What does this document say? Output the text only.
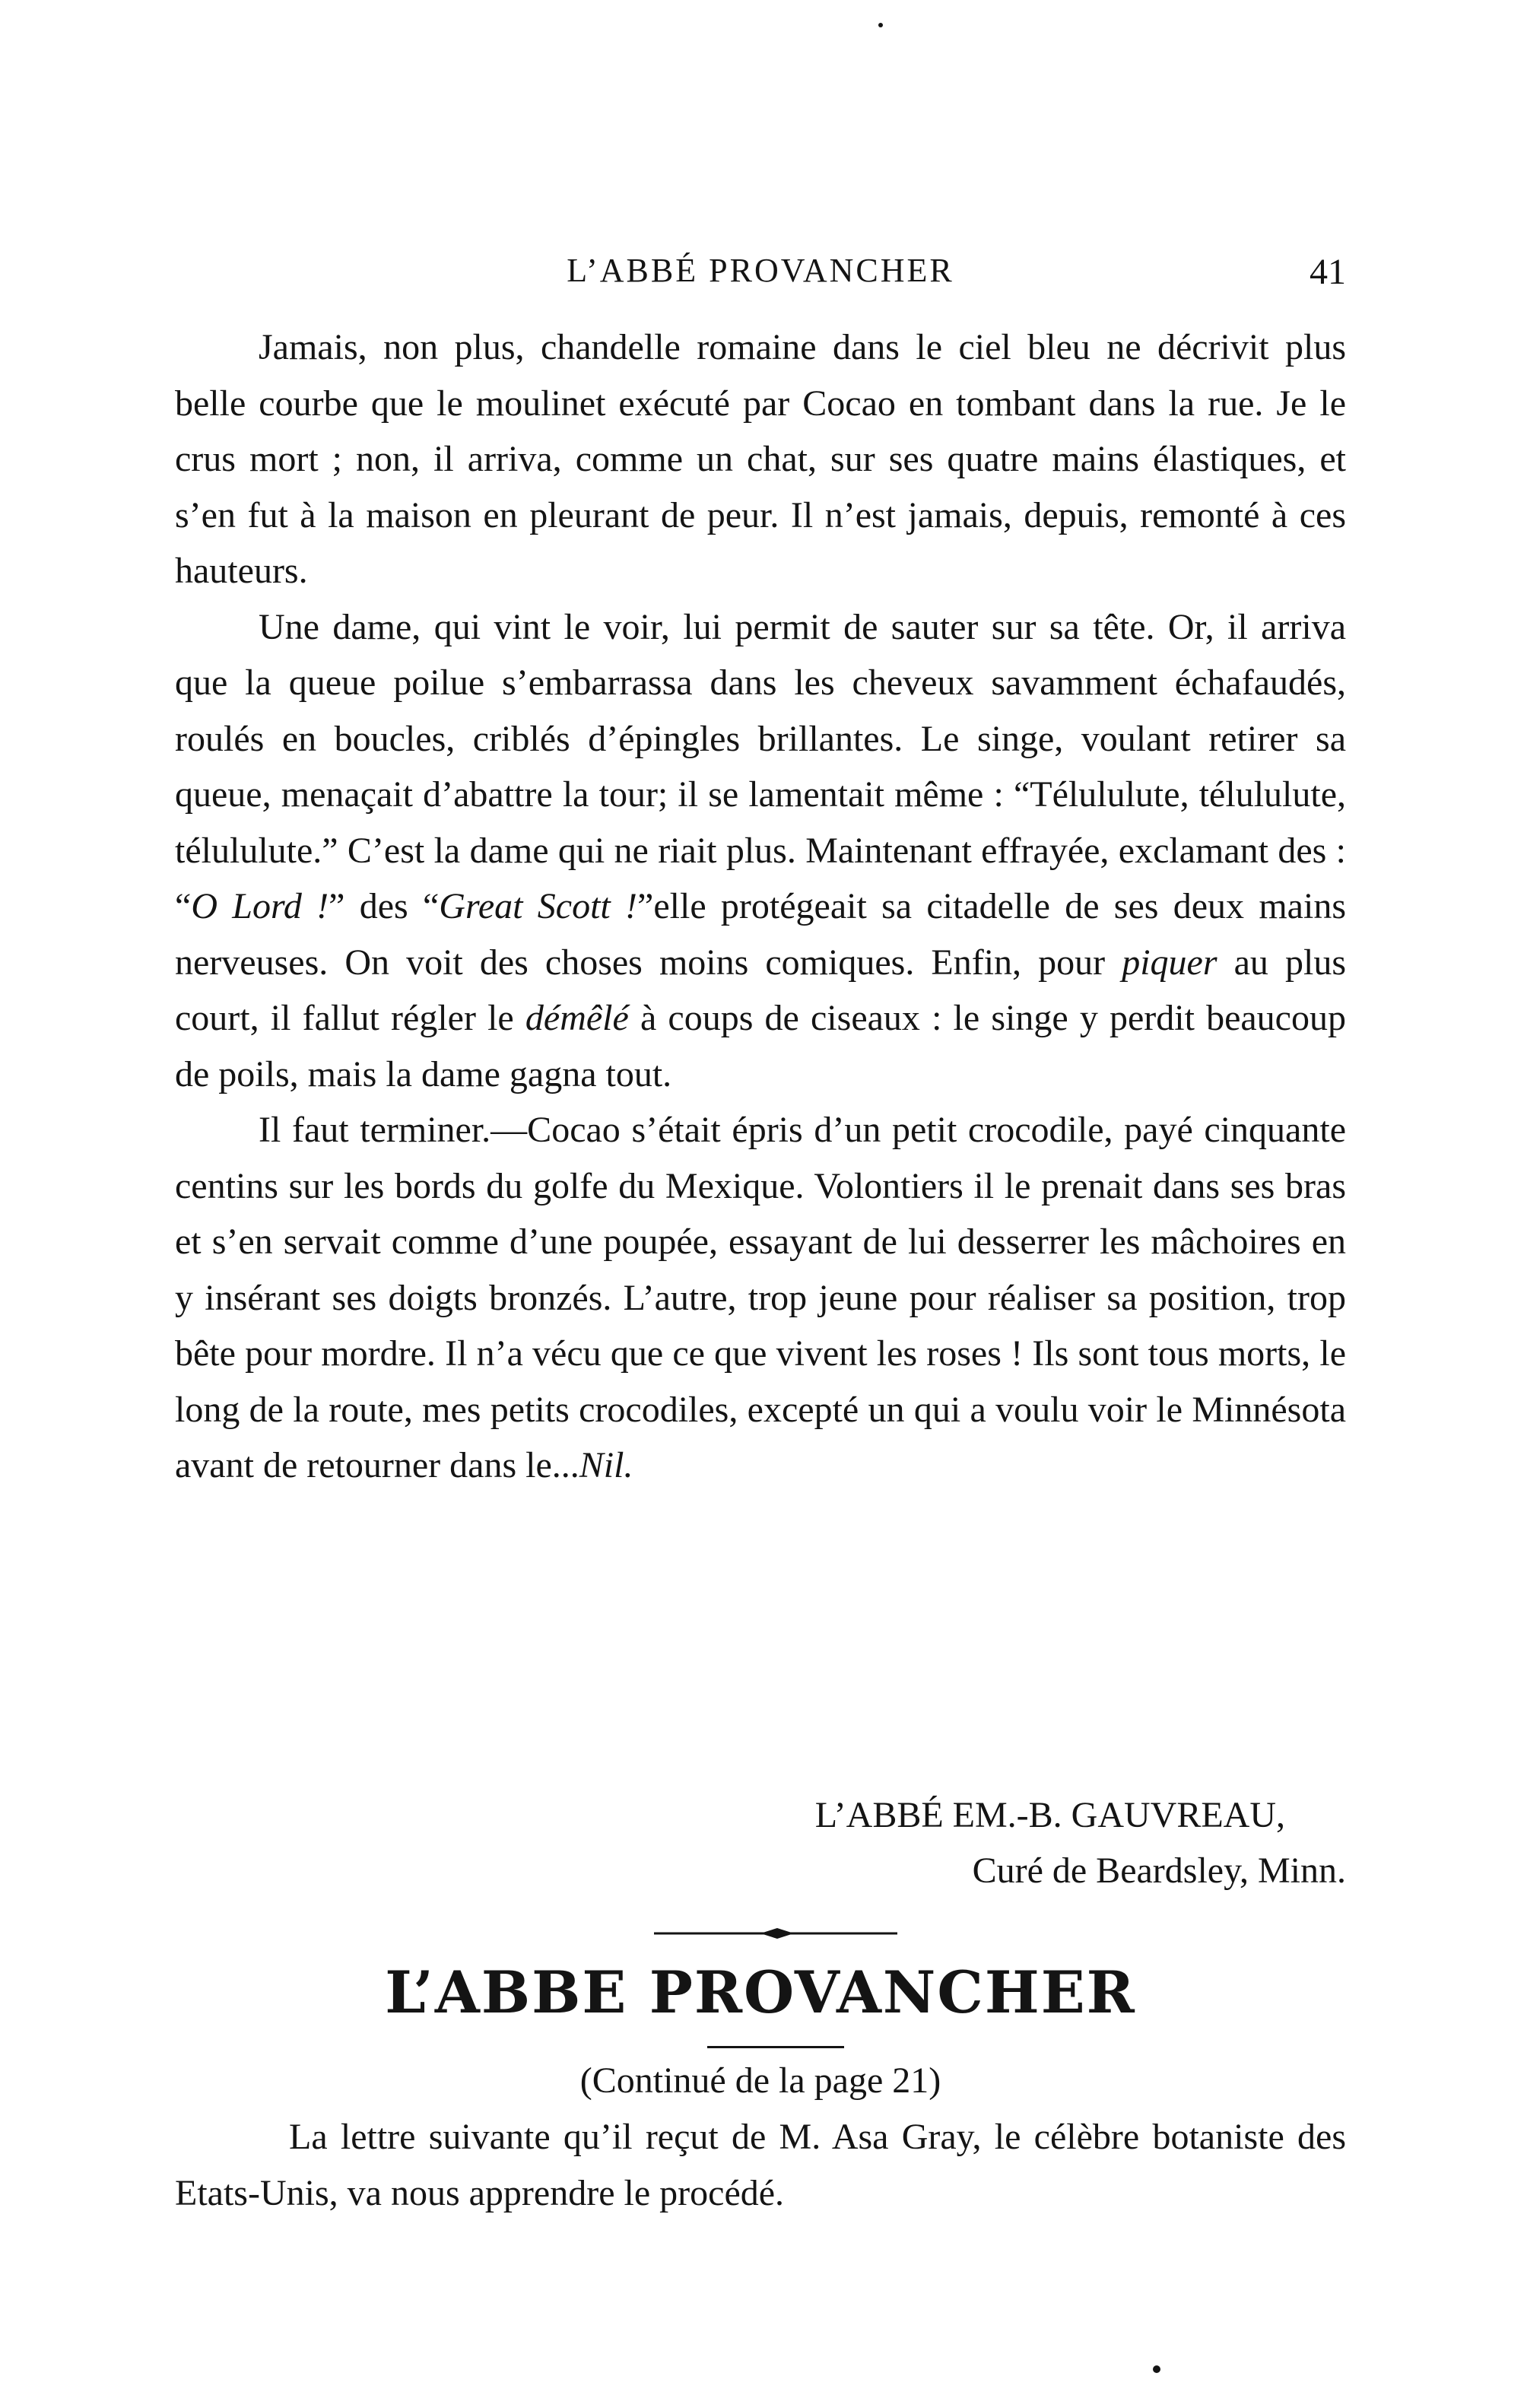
L’ABBÉ PROVANCHER	41

Jamais, non plus, chandelle romaine dans le ciel bleu ne décrivit plus belle courbe que le moulinet exécuté par Cocao en tombant dans la rue. Je le crus mort ; non, il arriva, comme un chat, sur ses quatre mains élastiques, et s’en fut à la maison en pleurant de peur. Il n’est jamais, depuis, remonté à ces hauteurs.

Une dame, qui vint le voir, lui permit de sauter sur sa tête. Or, il arriva que la queue poilue s’embarrassa dans les cheveux savamment échafaudés, roulés en boucles, criblés d’épingles brillantes. Le singe, voulant retirer sa queue, menaçait d’abattre la tour; il se lamentait même : “Télululute, télululute, télululute.” C’est la dame qui ne riait plus. Maintenant effrayée, exclamant des : “O Lord !” des “Great Scott !”elle protégeait sa citadelle de ses deux mains nerveuses. On voit des choses moins comiques. Enfin, pour piquer au plus court, il fallut régler le démêlé à coups de ciseaux : le singe y perdit beaucoup de poils, mais la dame gagna tout.

Il faut terminer.—Cocao s’était épris d’un petit crocodile, payé cinquante centins sur les bords du golfe du Mexique. Volontiers il le prenait dans ses bras et s’en servait comme d’une poupée, essayant de lui desserrer les mâchoires en y insérant ses doigts bronzés. L’autre, trop jeune pour réaliser sa position, trop bête pour mordre. Il n’a vécu que ce que vivent les roses ! Ils sont tous morts, le long de la route, mes petits crocodiles, excepté un qui a voulu voir le Minnésota avant de retourner dans le...Nil.

L’ABBÉ EM.-B. GAUVREAU,
Curé de Beardsley, Minn.
L’ABBE PROVANCHER
(Continué de la page 21)

La lettre suivante qu’il reçut de M. Asa Gray, le célèbre botaniste des Etats-Unis, va nous apprendre le procédé.
